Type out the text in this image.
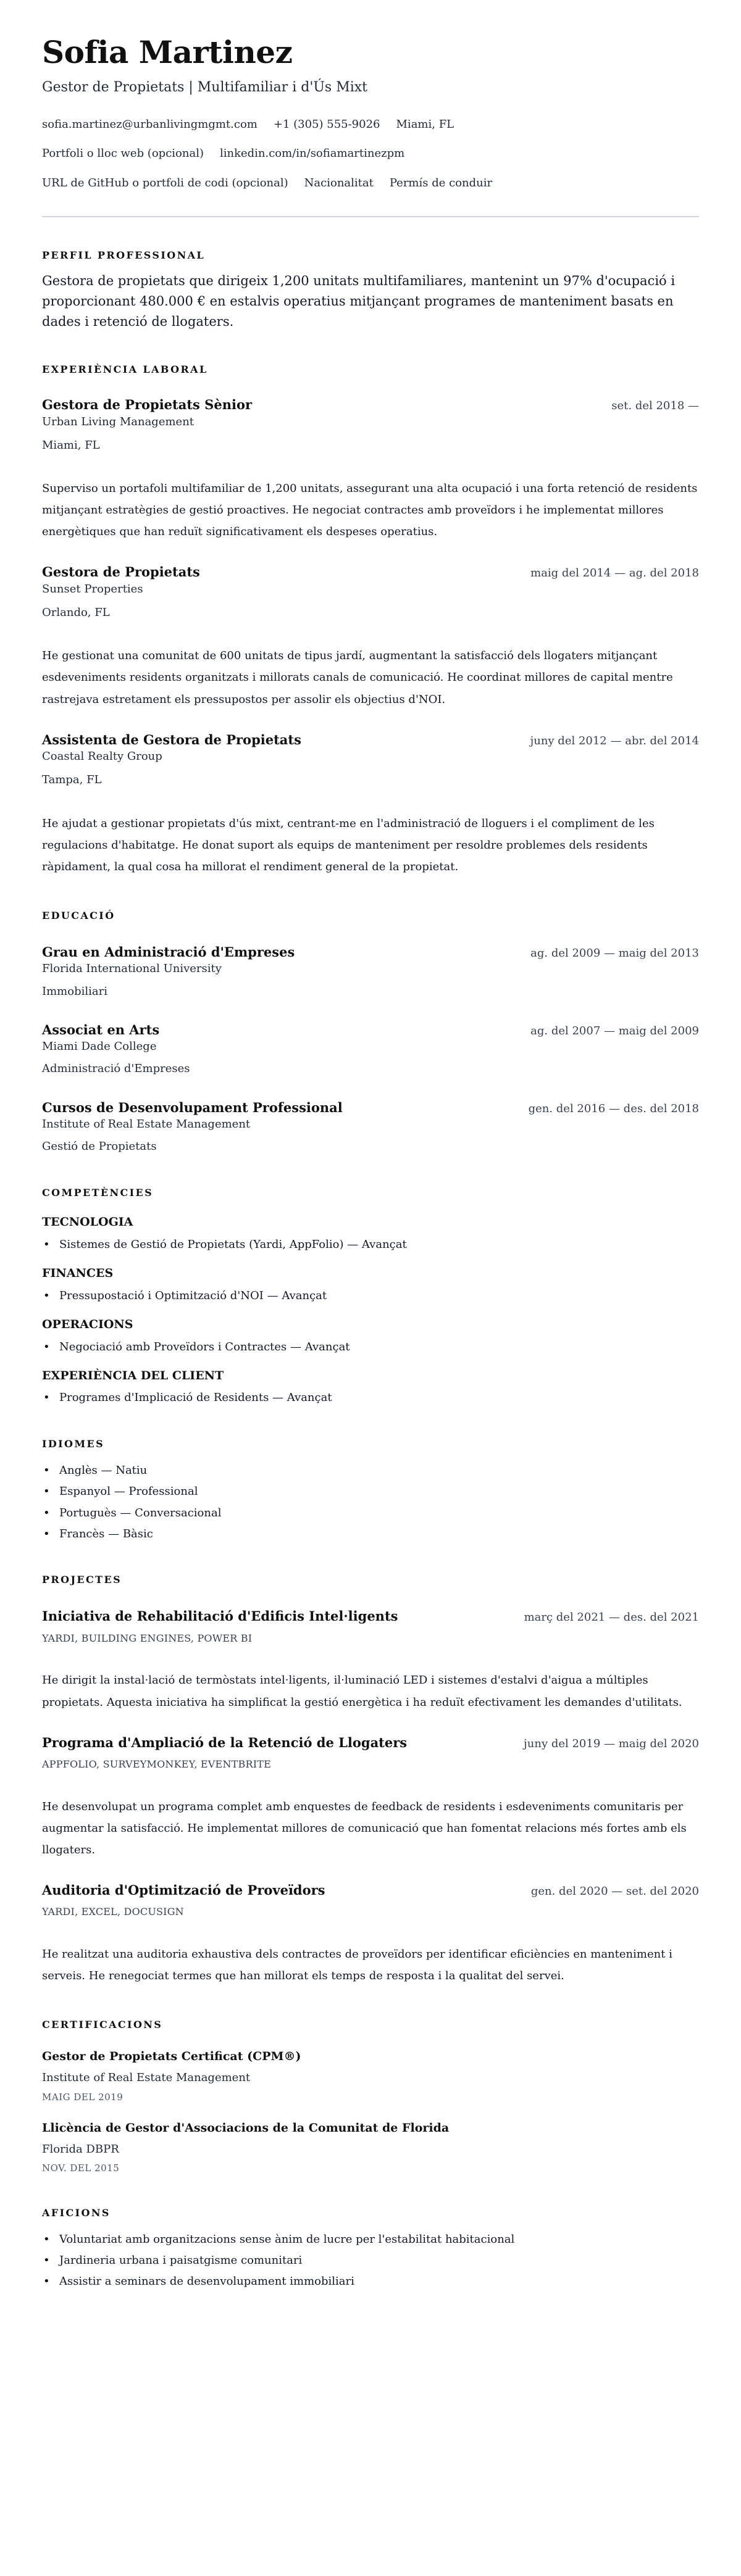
Sofia Martinez
Gestor de Propietats | Multifamiliar i d'Ús Mixt
sofia.martinez@urbanlivingmgmt.com +1 (305) 555-9026 Miami, FL
Portfoli o lloc web (opcional) linkedin.com/in/sofiamartinezpm
URL de GitHub o portfoli de codi (opcional) Nacionalitat Permís de conduir
PERFIL PROFESSIONAL

Gestora de propietats que dirigeix 1,200 unitats multifamiliares, mantenint un 97% d'ocupació i proporcionant 480.000 € en estalvis operatius mitjançant programes de manteniment basats en dades i retenció de llogaters.

EXPERIÈNCIA LABORAL
Gestora de Propietats Sènior	set. del 2018 —
Urban Living Management
Miami, FL

Superviso un portafoli multifamiliar de 1,200 unitats, assegurant una alta ocupació i una forta retenció de residents mitjançant estratègies de gestió proactives. He negociat contractes amb proveïdors i he implementat millores energètiques que han reduït significativament els despeses operatius.

Gestora de Propietats	maig del 2014 — ag. del 2018
Sunset Properties
Orlando, FL

He gestionat una comunitat de 600 unitats de tipus jardí, augmentant la satisfacció dels llogaters mitjançant esdeveniments residents organitzats i millorats canals de comunicació. He coordinat millores de capital mentre rastrejava estretament els pressupostos per assolir els objectius d'NOI.

Assistenta de Gestora de Propietats	juny del 2012 — abr. del 2014
Coastal Realty Group
Tampa, FL

He ajudat a gestionar propietats d'ús mixt, centrant-me en l'administració de lloguers i el compliment de les regulacions d'habitatge. He donat suport als equips de manteniment per resoldre problemes dels residents ràpidament, la qual cosa ha millorat el rendiment general de la propietat.

EDUCACIÓ
Grau en Administració d'Empreses	ag. del 2009 — maig del 2013
Florida International University
Immobiliari
Associat en Arts	ag. del 2007 — maig del 2009
Miami Dade College
Administració d'Empreses
Cursos de Desenvolupament Professional	gen. del 2016 — des. del 2018
Institute of Real Estate Management
Gestió de Propietats
COMPETÈNCIES
TECNOLOGIA
• Sistemes de Gestió de Propietats (Yardi, AppFolio) — Avançat
FINANCES
• Pressupostació i Optimització d'NOI — Avançat
OPERACIONS
• Negociació amb Proveïdors i Contractes — Avançat
EXPERIÈNCIA DEL CLIENT
• Programes d'Implicació de Residents — Avançat
IDIOMES
• Anglès — Natiu
• Espanyol — Professional
• Portuguès — Conversacional
• Francès — Bàsic
PROJECTES
Iniciativa de Rehabilitació d'Edificis Intel·ligents	març del 2021 — des. del 2021
YARDI, BUILDING ENGINES, POWER BI

He dirigit la instal·lació de termòstats intel·ligents, il·luminació LED i sistemes d'estalvi d'aigua a múltiples propietats. Aquesta iniciativa ha simplificat la gestió energètica i ha reduït efectivament les demandes d'utilitats.

Programa d'Ampliació de la Retenció de Llogaters	juny del 2019 — maig del 2020
APPFOLIO, SURVEYMONKEY, EVENTBRITE

He desenvolupat un programa complet amb enquestes de feedback de residents i esdeveniments comunitaris per augmentar la satisfacció. He implementat millores de comunicació que han fomentat relacions més fortes amb els llogaters.

Auditoria d'Optimització de Proveïdors	gen. del 2020 — set. del 2020
YARDI, EXCEL, DOCUSIGN

He realitzat una auditoria exhaustiva dels contractes de proveïdors per identificar eficiències en manteniment i serveis. He renegociat termes que han millorat els temps de resposta i la qualitat del servei.

CERTIFICACIONS
Gestor de Propietats Certificat (CPM®)
Institute of Real Estate Management
MAIG DEL 2019
Llicència de Gestor d'Associacions de la Comunitat de Florida
Florida DBPR
NOV. DEL 2015
AFICIONS
• Voluntariat amb organitzacions sense ànim de lucre per l'estabilitat habitacional
• Jardineria urbana i paisatgisme comunitari
• Assistir a seminars de desenvolupament immobiliari
